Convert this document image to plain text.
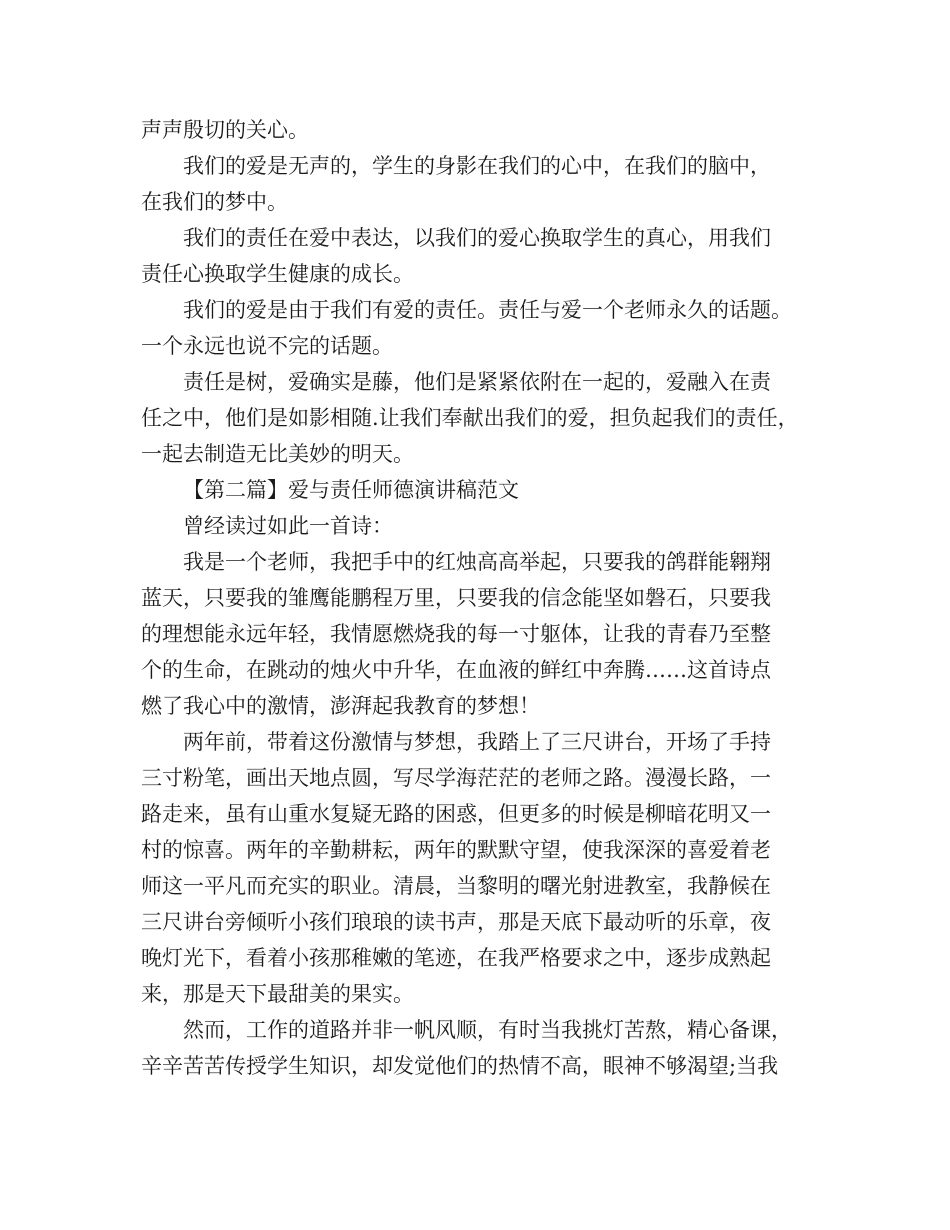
声声殷切的关心。
我们的爱是无声的，学生的身影在我们的心中，在我们的脑中，
在我们的梦中。
我们的责任在爱中表达，以我们的爱心换取学生的真心，用我们
责任心换取学生健康的成长。
我们的爱是由于我们有爱的责任。责任与爱一个老师永久的话题。
一个永远也说不完的话题。
责任是树，爱确实是藤，他们是紧紧依附在一起的，爱融入在责
任之中，他们是如影相随.让我们奉献出我们的爱，担负起我们的责任，
一起去制造无比美妙的明天。
【第二篇】爱与责任师德演讲稿范文
曾经读过如此一首诗：
我是一个老师，我把手中的红烛高高举起，只要我的鸽群能翱翔
蓝天，只要我的雏鹰能鹏程万里，只要我的信念能坚如磐石，只要我
的理想能永远年轻，我情愿燃烧我的每一寸躯体，让我的青春乃至整
个的生命，在跳动的烛火中升华，在血液的鲜红中奔腾……这首诗点
燃了我心中的激情，澎湃起我教育的梦想！
两年前，带着这份激情与梦想，我踏上了三尺讲台，开场了手持
三寸粉笔，画出天地点圆，写尽学海茫茫的老师之路。漫漫长路，一
路走来，虽有山重水复疑无路的困惑，但更多的时候是柳暗花明又一
村的惊喜。两年的辛勤耕耘，两年的默默守望，使我深深的喜爱着老
师这一平凡而充实的职业。清晨，当黎明的曙光射进教室，我静候在
三尺讲台旁倾听小孩们琅琅的读书声，那是天底下最动听的乐章，夜
晚灯光下，看着小孩那稚嫩的笔迹，在我严格要求之中，逐步成熟起
来，那是天下最甜美的果实。
然而，工作的道路并非一帆风顺，有时当我挑灯苦熬，精心备课，
辛辛苦苦传授学生知识，却发觉他们的热情不高，眼神不够渴望;当我
